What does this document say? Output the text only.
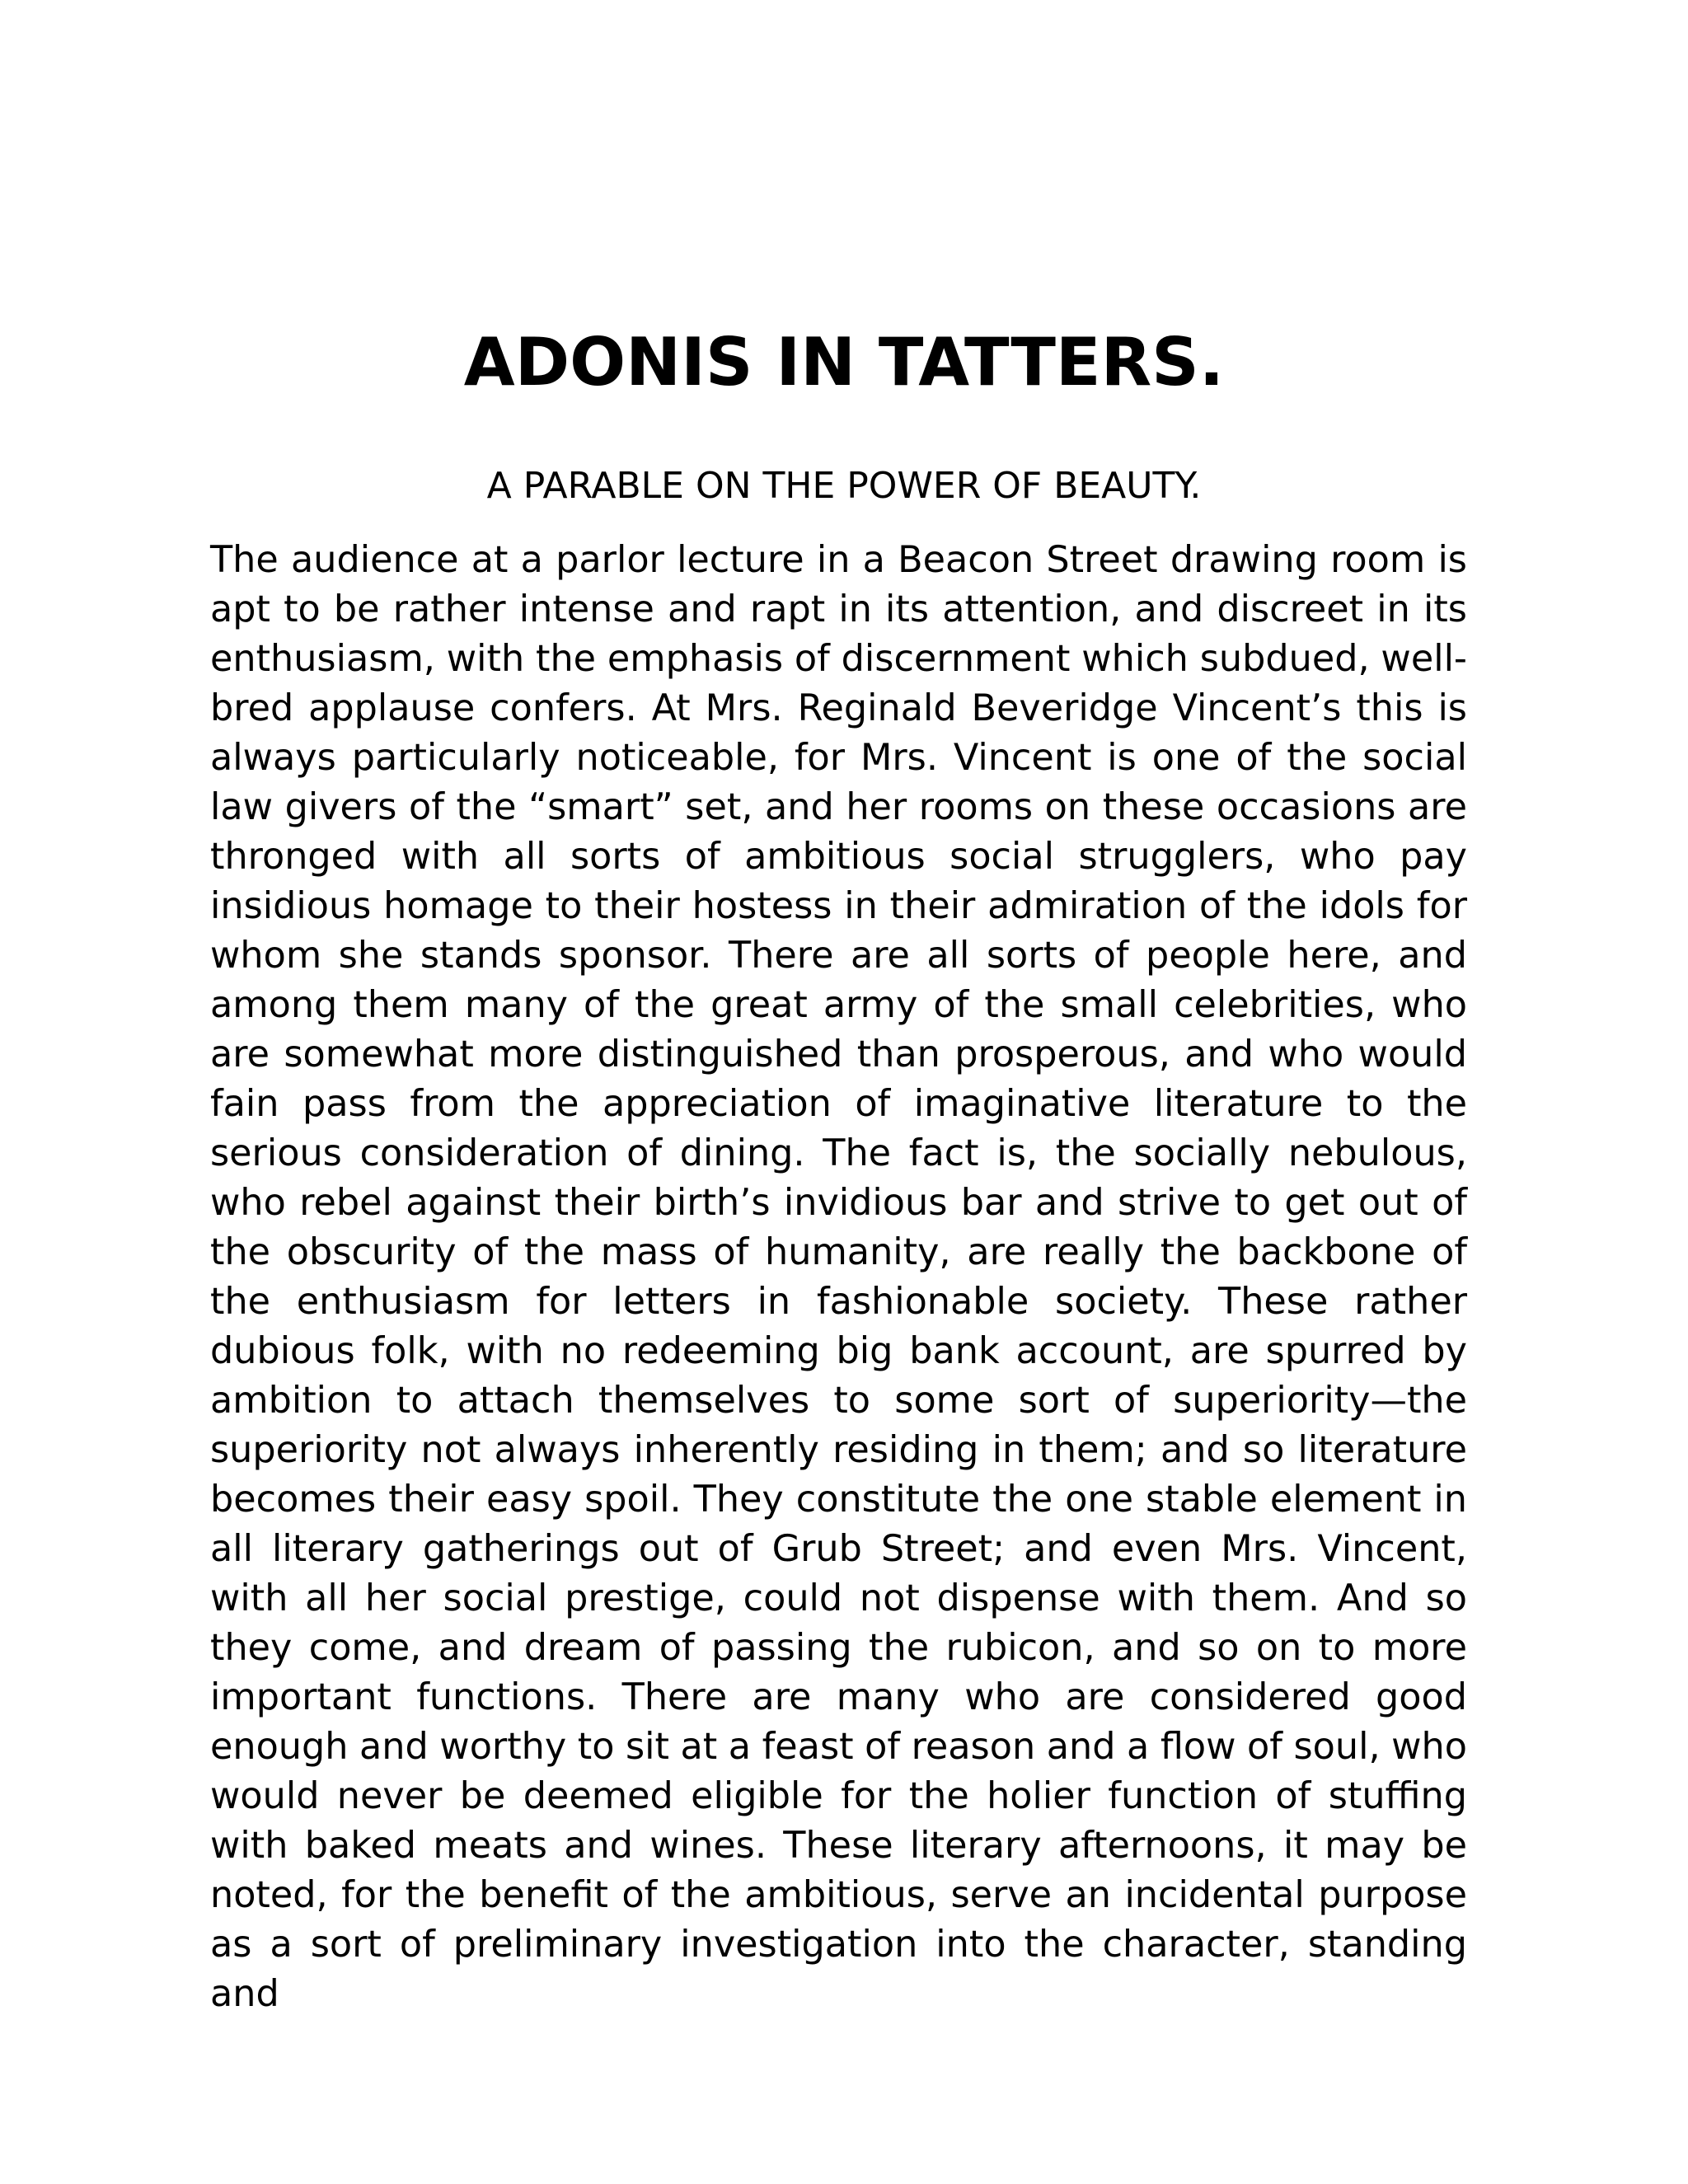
ADONIS IN TATTERS.

A PARABLE ON THE POWER OF BEAUTY.

The audience at a parlor lecture in a Beacon Street drawing room is apt to be rather intense and rapt in its attention, and discreet in its enthusiasm, with the emphasis of discernment which subdued, well-bred applause confers. At Mrs. Reginald Beveridge Vincent’s this is always particularly noticeable, for Mrs. Vincent is one of the social law givers of the “smart” set, and her rooms on these occasions are thronged with all sorts of ambitious social strugglers, who pay insidious homage to their hostess in their admiration of the idols for whom she stands sponsor. There are all sorts of people here, and among them many of the great army of the small celebrities, who are somewhat more distinguished than prosperous, and who would fain pass from the appreciation of imaginative literature to the serious consideration of dining. The fact is, the socially nebulous, who rebel against their birth’s invidious bar and strive to get out of the obscurity of the mass of humanity, are really the backbone of the enthusiasm for letters in fashionable society. These rather dubious folk, with no redeeming big bank account, are spurred by ambition to attach themselves to some sort of superiority—the superiority not always inherently residing in them; and so literature becomes their easy spoil. They constitute the one stable element in all literary gatherings out of Grub Street; and even Mrs. Vincent, with all her social prestige, could not dispense with them. And so they come, and dream of passing the rubicon, and so on to more important functions. There are many who are considered good enough and worthy to sit at a feast of reason and a flow of soul, who would never be deemed eligible for the holier function of stuffing with baked meats and wines. These literary afternoons, it may be noted, for the benefit of the ambitious, serve an incidental purpose as a sort of preliminary investigation into the character, standing and
